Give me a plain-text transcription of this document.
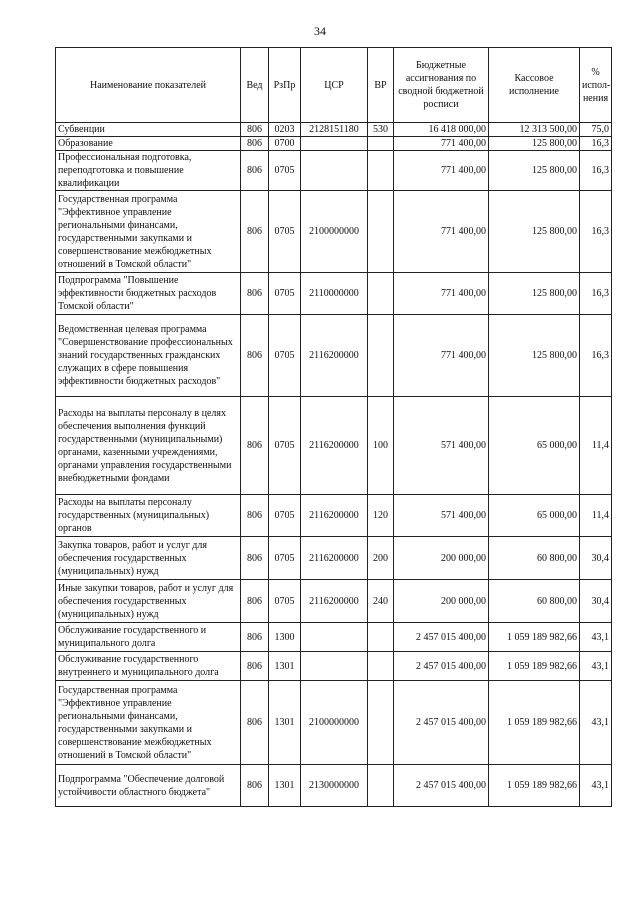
34
Наименование показателей	Вед	РзПр	ЦСР	ВР	Бюджетные ассигнования по сводной бюджетной росписи	Кассовое исполнение	% испол-нения
Субвенции	806	0203	2128151180	530	16 418 000,00	12 313 500,00	75,0
Образование	806	0700			771 400,00	125 800,00	16,3
Профессиональная подготовка, переподготовка и повышение квалификации	806	0705			771 400,00	125 800,00	16,3
Государственная программа "Эффективное управление региональными финансами, государственными закупками и совершенствование межбюджетных отношений в Томской области"	806	0705	2100000000		771 400,00	125 800,00	16,3
Подпрограмма "Повышение эффективности бюджетных расходов Томской области"	806	0705	2110000000		771 400,00	125 800,00	16,3
Ведомственная целевая программа "Совершенствование профессиональных знаний государственных гражданских служащих в сфере повышения эффективности бюджетных расходов"	806	0705	2116200000		771 400,00	125 800,00	16,3
Расходы на выплаты персоналу в целях обеспечения выполнения функций государственными (муниципальными) органами, казенными учреждениями, органами управления государственными внебюджетными фондами	806	0705	2116200000	100	571 400,00	65 000,00	11,4
Расходы на выплаты персоналу государственных (муниципальных) органов	806	0705	2116200000	120	571 400,00	65 000,00	11,4
Закупка товаров, работ и услуг для обеспечения государственных (муниципальных) нужд	806	0705	2116200000	200	200 000,00	60 800,00	30,4
Иные закупки товаров, работ и услуг для обеспечения государственных (муниципальных) нужд	806	0705	2116200000	240	200 000,00	60 800,00	30,4
Обслуживание государственного и муниципального долга	806	1300			2 457 015 400,00	1 059 189 982,66	43,1
Обслуживание государственного внутреннего и муниципального долга	806	1301			2 457 015 400,00	1 059 189 982,66	43,1
Государственная программа "Эффективное управление региональными финансами, государственными закупками и совершенствование межбюджетных отношений в Томской области"	806	1301	2100000000		2 457 015 400,00	1 059 189 982,66	43,1
Подпрограмма "Обеспечение долговой устойчивости областного бюджета"	806	1301	2130000000		2 457 015 400,00	1 059 189 982,66	43,1
